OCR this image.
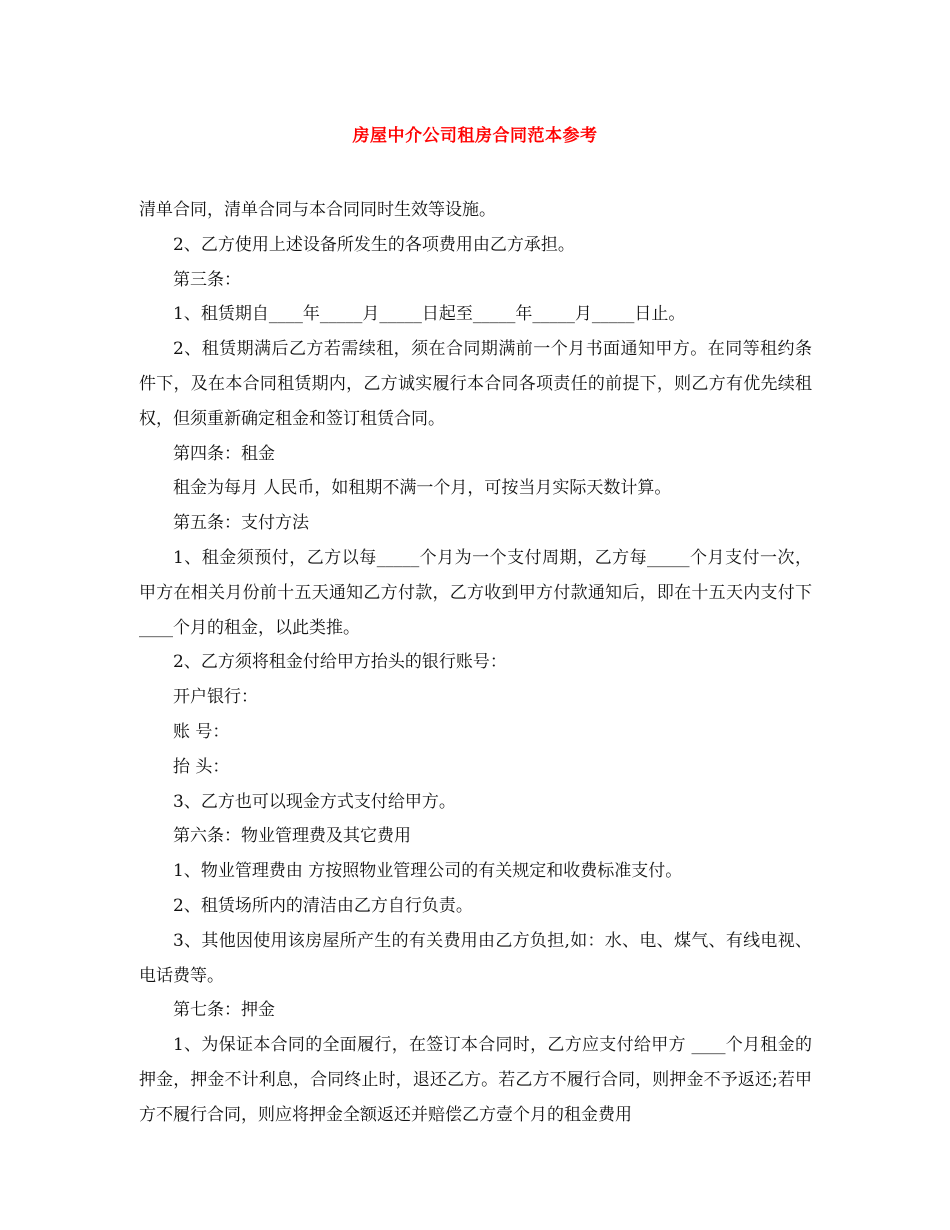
房屋中介公司租房合同范本参考

清单合同，清单合同与本合同同时生效等设施。

2、乙方使用上述设备所发生的各项费用由乙方承担。

第三条：

1、租赁期自____年_____月_____日起至_____年_____月_____日止。

2、租赁期满后乙方若需续租，须在合同期满前一个月书面通知甲方。在同等租约条件下，及在本合同租赁期内，乙方诚实履行本合同各项责任的前提下，则乙方有优先续租权，但须重新确定租金和签订租赁合同。

第四条：租金

租金为每月 人民币，如租期不满一个月，可按当月实际天数计算。

第五条：支付方法

1、租金须预付，乙方以每_____个月为一个支付周期，乙方每_____个月支付一次，甲方在相关月份前十五天通知乙方付款，乙方收到甲方付款通知后，即在十五天内支付下____个月的租金，以此类推。

2、乙方须将租金付给甲方抬头的银行账号：

开户银行：

账 号：

抬 头：

3、乙方也可以现金方式支付给甲方。

第六条：物业管理费及其它费用

1、物业管理费由 方按照物业管理公司的有关规定和收费标准支付。

2、租赁场所内的清洁由乙方自行负责。

3、其他因使用该房屋所产生的有关费用由乙方负担,如：水、电、煤气、有线电视、电话费等。

第七条：押金

1、为保证本合同的全面履行，在签订本合同时，乙方应支付给甲方 ____个月租金的押金，押金不计利息，合同终止时，退还乙方。若乙方不履行合同，则押金不予返还;若甲方不履行合同，则应将押金全额返还并赔偿乙方壹个月的租金费用
